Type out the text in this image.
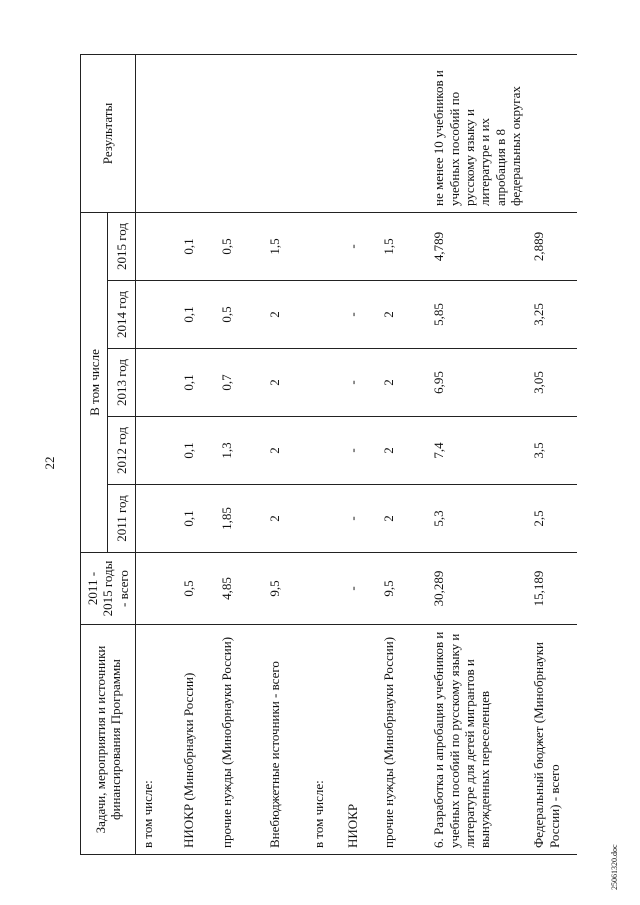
22
Задачи, мероприятия и источники финансирования Программы	2011 - 2015 годы - всего	В том числе					Результаты
		2011 год	2012 год	2013 год	2014 год	2015 год	
в том числе:							
НИОКР (Минобрнауки России)	0,5	0,1	0,1	0,1	0,1	0,1	
прочие нужды (Минобрнауки России)	4,85	1,85	1,3	0,7	0,5	0,5	
Внебюджетные источники - всего	9,5	2	2	2	2	1,5	
в том числе:							
НИОКР	-	-	-	-	-	-	
прочие нужды (Минобрнауки России)	9,5	2	2	2	2	1,5	
6. Разработка и апробация учебников и учебных пособий по русскому языку и литературе для детей мигрантов и вынужденных переселенцев	30,289	5,3	7,4	6,95	5,85	4,789	не менее 10 учебников и учебных пособий по русскому языку и литературе и их апробация в 8 федеральных округах
Федеральный бюджет (Минобрнауки России) - всего	15,189	2,5	3,5	3,05	3,25	2,889	
25061320.doc
